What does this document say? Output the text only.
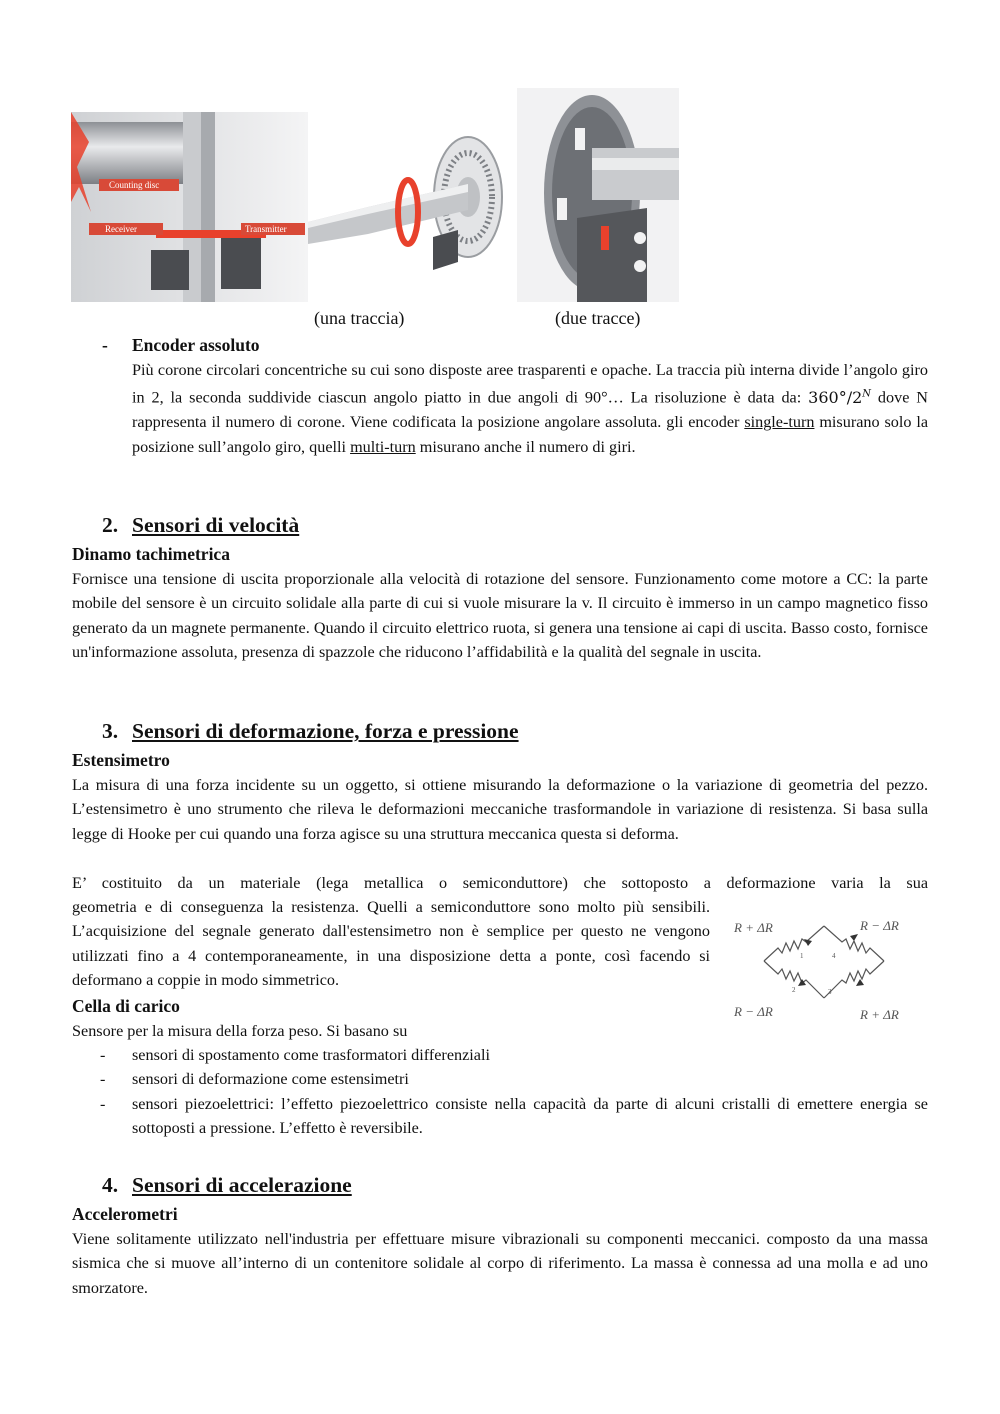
Counting disc
Receiver	Transmitter
(una traccia)	(due tracce)
- Encoder assoluto
Più corone circolari concentriche su cui sono disposte aree trasparenti e opache. La traccia più interna divide l’angolo giro in 2, la seconda suddivide ciascun angolo piatto in due angoli di 90°… La risoluzione è data da: $360^\circ/2^N$ dove N rappresenta il numero di corone. Viene codificata la posizione angolare assoluta. gli encoder single-turn misurano solo la posizione sull’angolo giro, quelli multi-turn misurano anche il numero di giri.
2. Sensori di velocità
Dinamo tachimetrica
Fornisce una tensione di uscita proporzionale alla velocità di rotazione del sensore. Funzionamento come motore a CC: la parte mobile del sensore è un circuito solidale alla parte di cui si vuole misurare la v. Il circuito è immerso in un campo magnetico fisso generato da un magnete permanente. Quando il circuito elettrico ruota, si genera una tensione ai capi di uscita. Basso costo, fornisce un'informazione assoluta, presenza di spazzole che riducono l’affidabilità e la qualità del segnale in uscita.
3. Sensori di deformazione, forza e pressione
Estensimetro
La misura di una forza incidente su un oggetto, si ottiene misurando la deformazione o la variazione di geometria del pezzo. L’estensimetro è uno strumento che rileva le deformazioni meccaniche trasformandole in variazione di resistenza. Si basa sulla legge di Hooke per cui quando una forza agisce su una struttura meccanica questa si deforma.
E’ costituito da un materiale (lega metallica o semiconduttore) che sottoposto a deformazione varia la sua
geometria e di conseguenza la resistenza. Quelli a semiconduttore sono molto più sensibili. L’acquisizione del segnale generato dall'estensimetro non è semplice per questo ne vengono utilizzati fino a 4 contemporaneamente, in una disposizione detta a ponte, così facendo si deformano a coppie in modo simmetrico.
R + ΔR	R − ΔR
R − ΔR	R + ΔR
1
2	3
4
Cella di carico
Sensore per la misura della forza peso. Si basano su
- sensori di spostamento come trasformatori differenziali
- sensori di deformazione come estensimetri
- sensori piezoelettrici: l’effetto piezoelettrico consiste nella capacità da parte di alcuni cristalli di emettere energia se sottoposti a pressione. L’effetto è reversibile.
4. Sensori di accelerazione
Accelerometri
Viene solitamente utilizzato nell'industria per effettuare misure vibrazionali su componenti meccanici. composto da una massa sismica che si muove all’interno di un contenitore solidale al corpo di riferimento. La massa è connessa ad una molla e ad uno smorzatore.
